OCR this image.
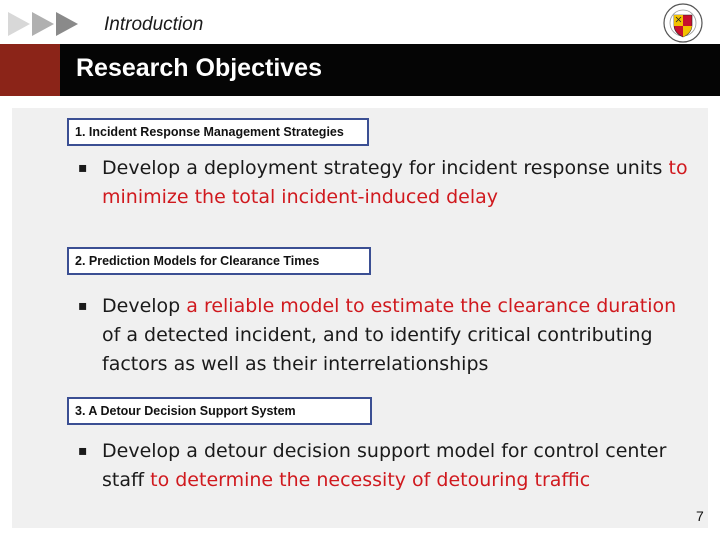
Introduction
Research Objectives
1. Incident Response Management Strategies
▪ Develop a deployment strategy for incident response units to minimize the total incident-induced delay
2. Prediction Models for Clearance Times
▪ Develop a reliable model to estimate the clearance duration of a detected incident, and to identify critical contributing factors as well as their interrelationships
3. A Detour Decision Support System
▪ Develop a detour decision support model for control center staff to determine the necessity of detouring traffic
7
